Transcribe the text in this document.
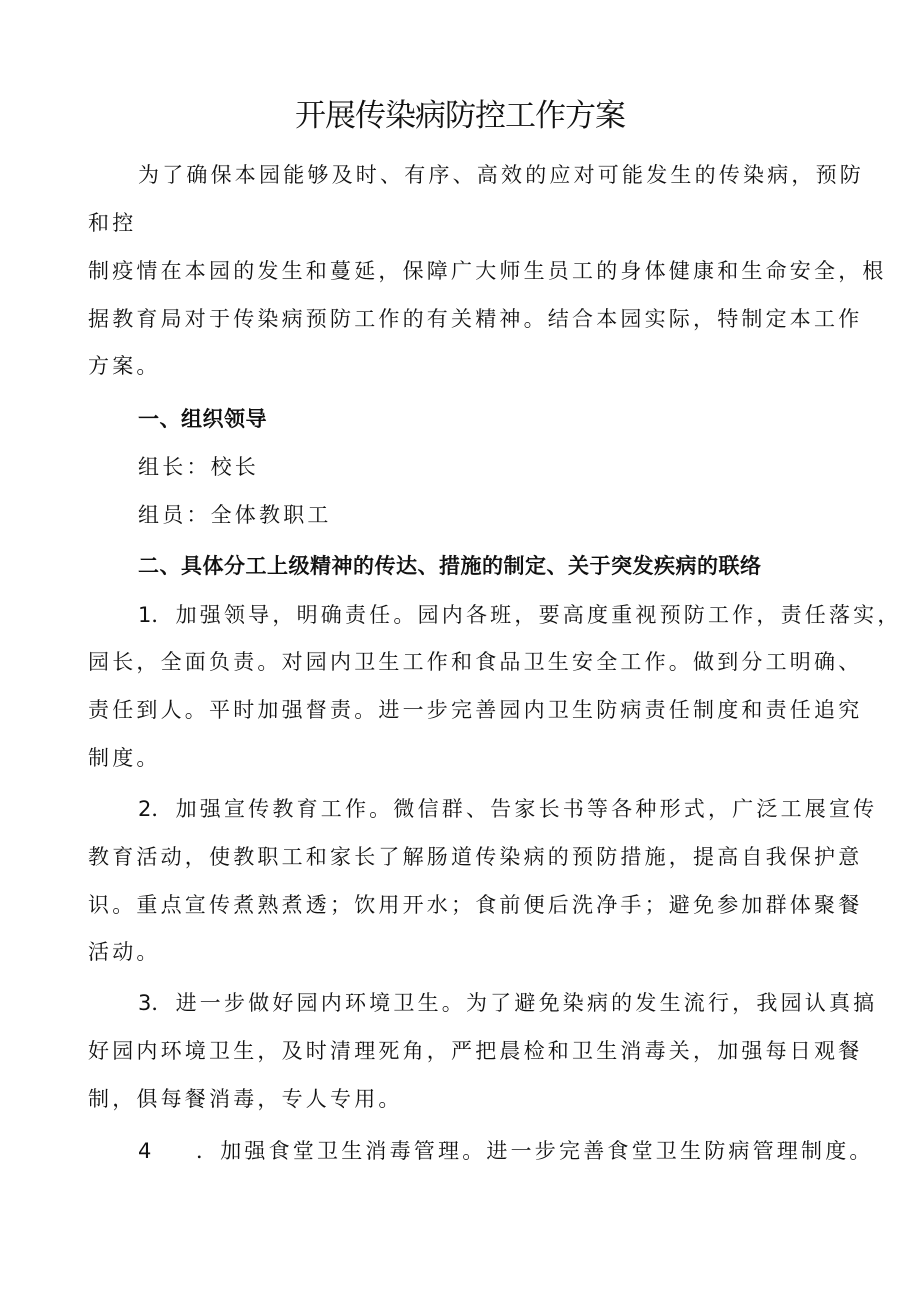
开展传染病防控工作方案

为了确保本园能够及时、有序、高效的应对可能发生的传染病，预防

和控

制疫情在本园的发生和蔓延，保障广大师生员工的身体健康和生命安全，根

据教育局对于传染病预防工作的有关精神。结合本园实际，特制定本工作

方案。

一、组织领导

组长：校长

组员：全体教职工

二、具体分工上级精神的传达、措施的制定、关于突发疾病的联络

1．加强领导，明确责任。园内各班，要高度重视预防工作，责任落实，

园长，全面负责。对园内卫生工作和食品卫生安全工作。做到分工明确、

责任到人。平时加强督责。进一步完善园内卫生防病责任制度和责任追究

制度。

2．加强宣传教育工作。微信群、告家长书等各种形式，广泛工展宣传

教育活动，使教职工和家长了解肠道传染病的预防措施，提高自我保护意

识。重点宣传煮熟煮透；饮用开水；食前便后洗净手；避免参加群体聚餐

活动。

3．进一步做好园内环境卫生。为了避免染病的发生流行，我园认真搞

好园内环境卫生，及时清理死角，严把晨检和卫生消毒关，加强每日观餐

制，俱每餐消毒，专人专用。

4 ．加强食堂卫生消毒管理。进一步完善食堂卫生防病管理制度。
